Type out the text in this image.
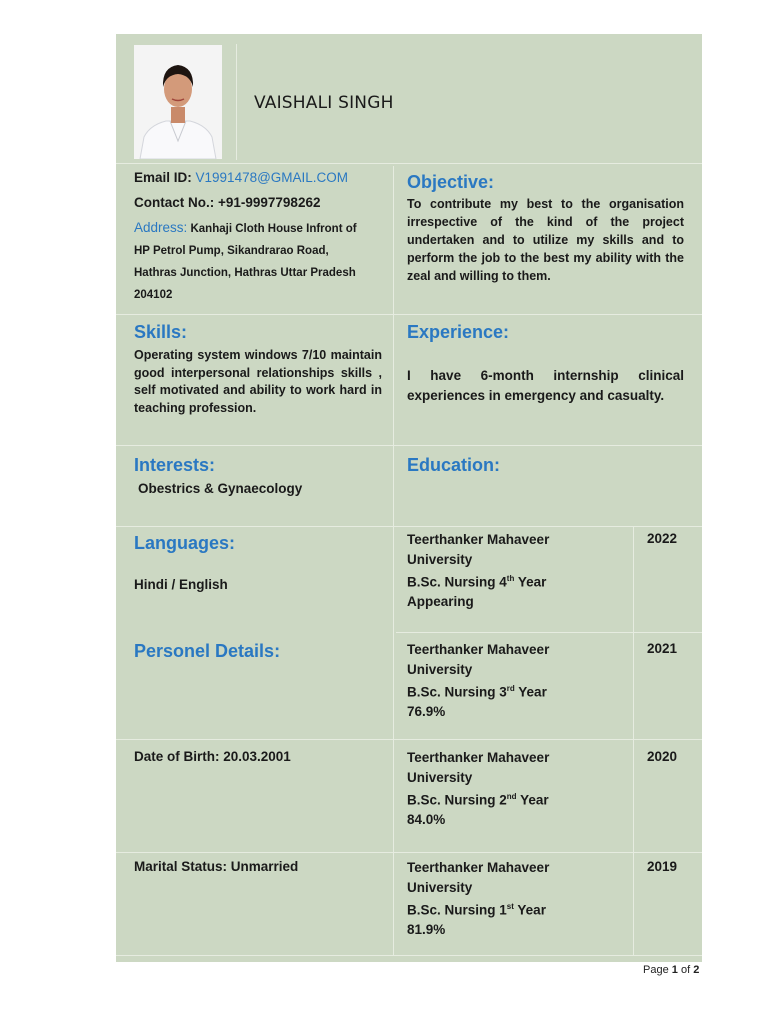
VAISHALI SINGH
Email ID: V1991478@GMAIL.COM
Contact No.: +91-9997798262
Address: Kanhaji Cloth House Infront of
HP Petrol Pump, Sikandrarao Road,
Hathras Junction, Hathras Uttar Pradesh
204102
Objective:
To contribute my best to the organisation irrespective of the kind of the project undertaken and to utilize my skills and to perform the job to the best my ability with the zeal and willing to them.
Skills:
Operating system windows 7/10 maintain good interpersonal relationships skills , self motivated and ability to work hard in teaching profession.
Experience:
I have 6-month internship clinical experiences in emergency and casualty.
Interests:
Obestrics & Gynaecology
Education:
Teerthanker Mahaveer
University
B.Sc. Nursing 4th Year
Appearing
2022
Teerthanker Mahaveer
University
B.Sc. Nursing 3rd Year
76.9%
2021
Teerthanker Mahaveer
University
B.Sc. Nursing 2nd Year
84.0%
2020
Teerthanker Mahaveer
University
B.Sc. Nursing 1st Year
81.9%
2019
Languages:
Hindi / English
Personel Details:
Date of Birth: 20.03.2001
Marital Status: Unmarried
Page 1 of 2
